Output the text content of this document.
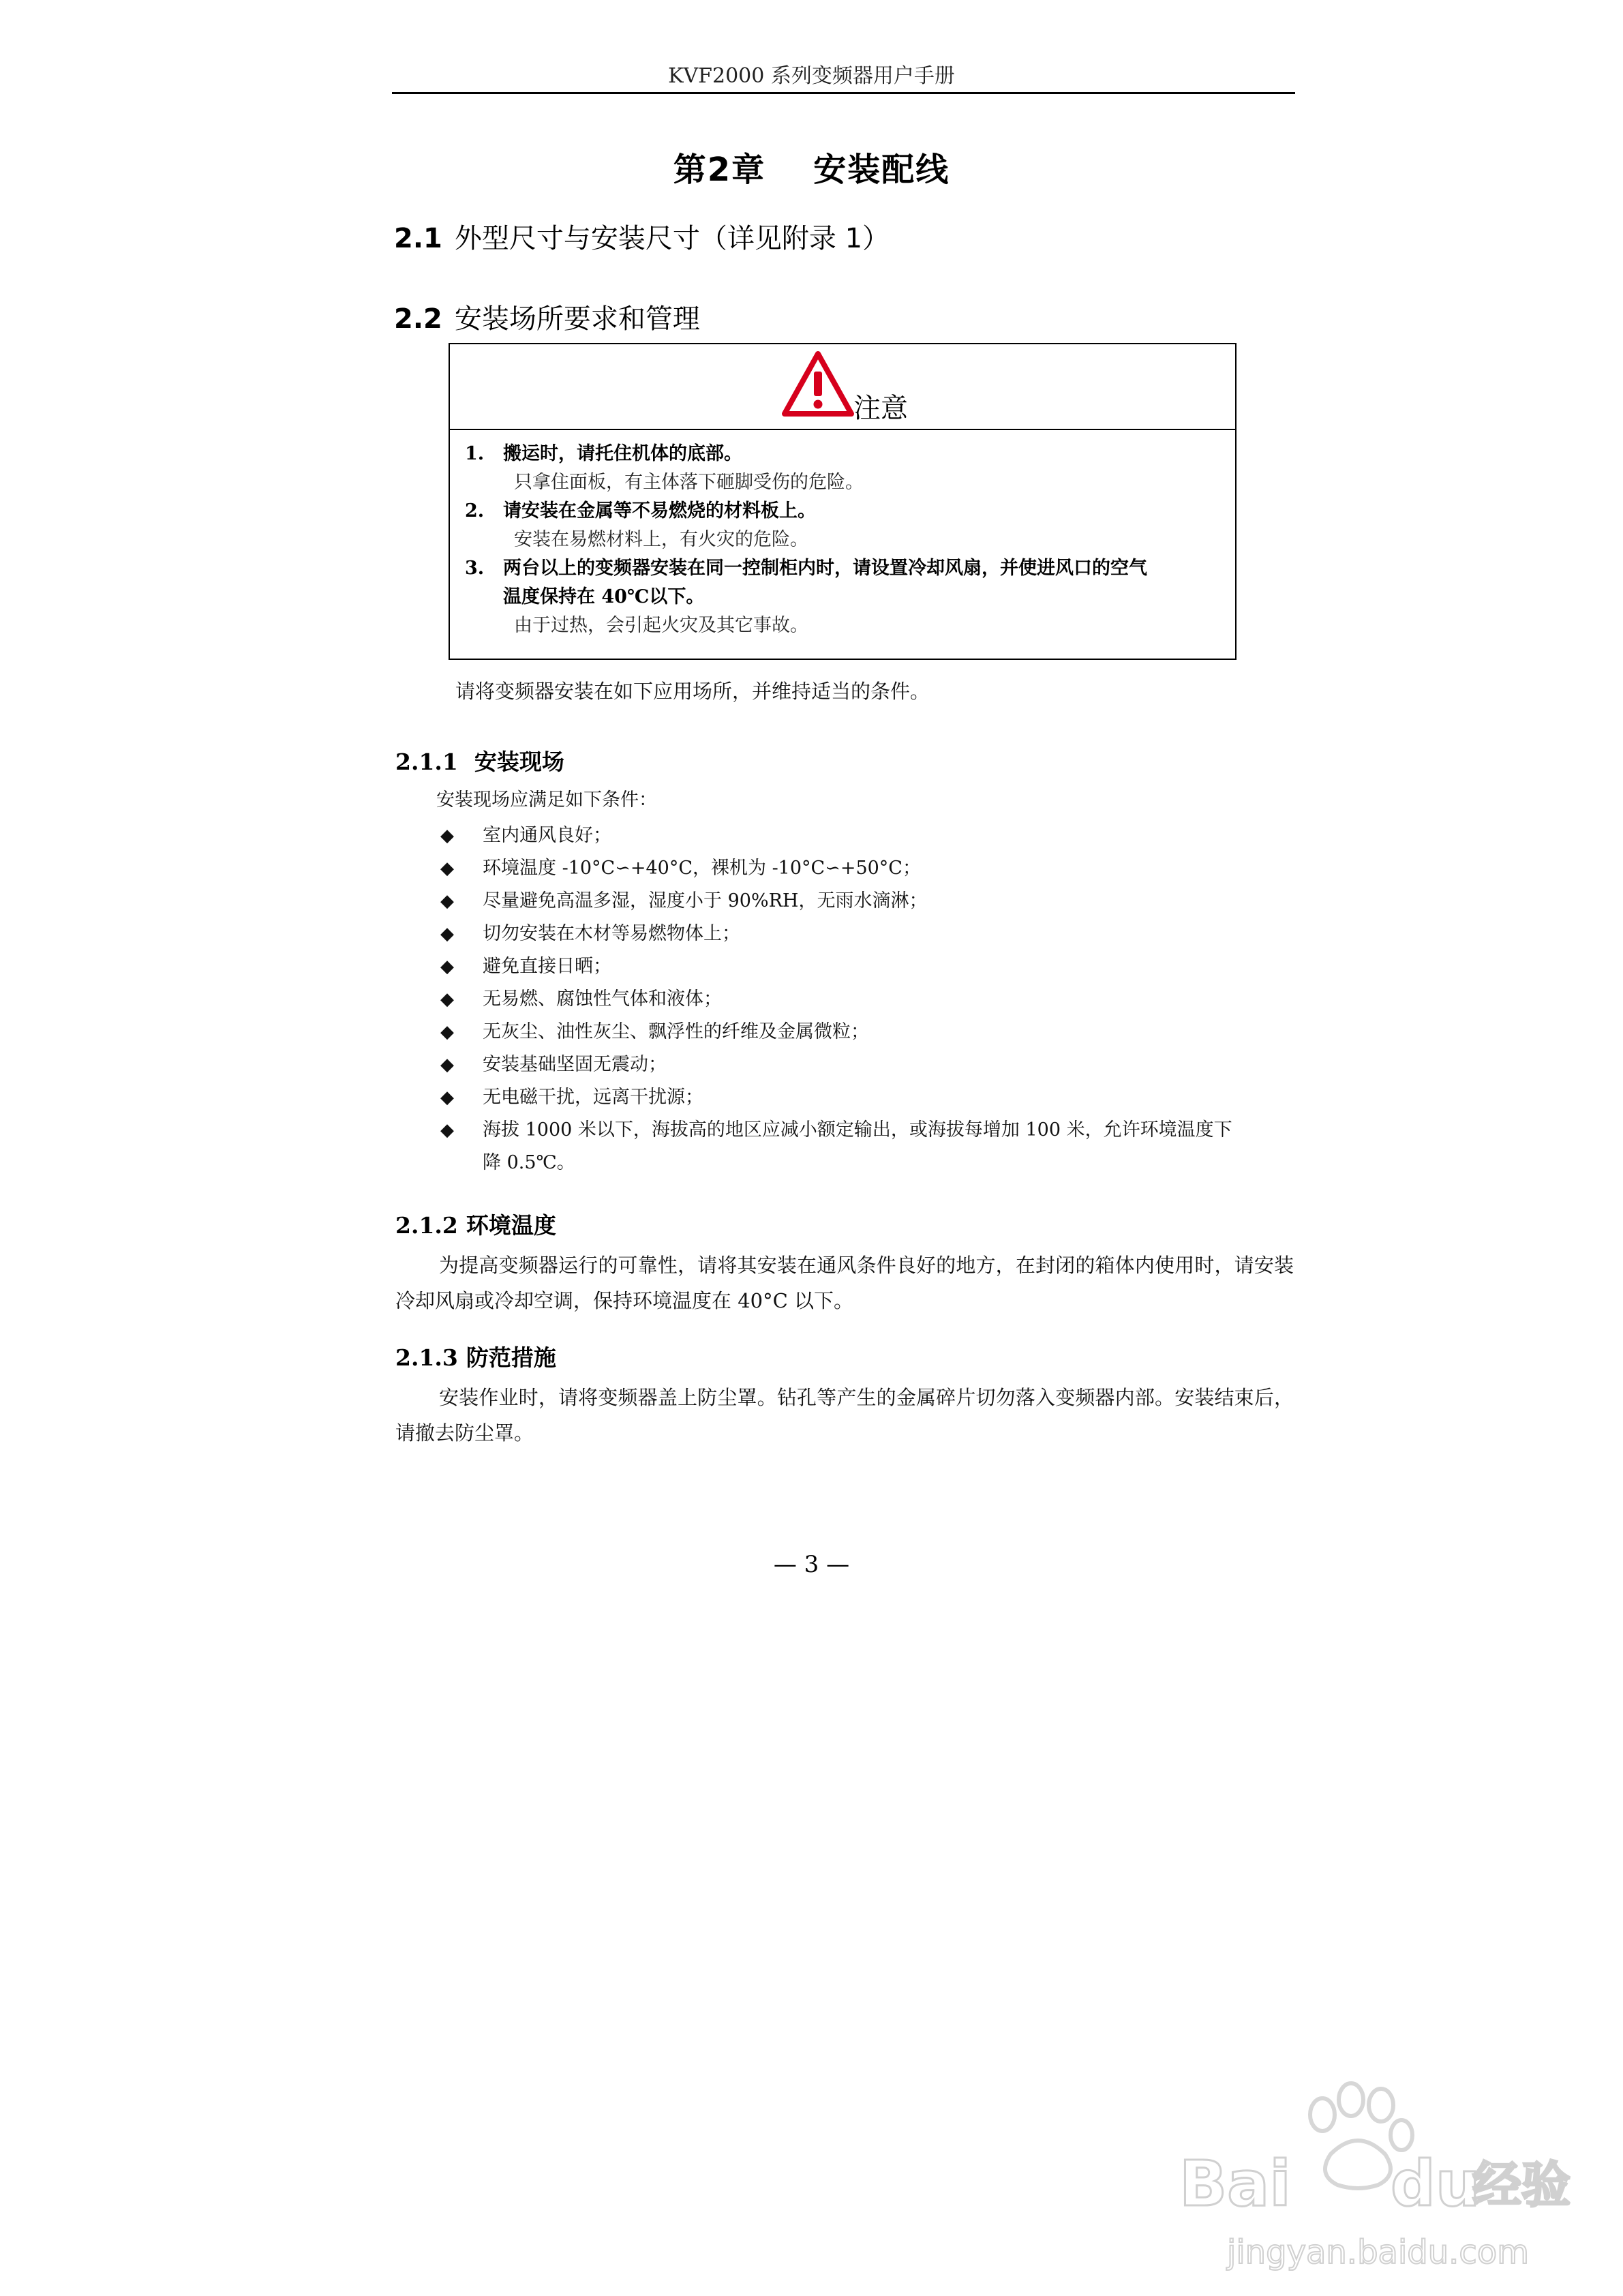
KVF2000 系列变频器用户手册
第2章 安装配线
2.1 外型尺寸与安装尺寸（详见附录 1）
2.2 安装场所要求和管理
注意
1. 搬运时，请托住机体的底部。
只拿住面板，有主体落下砸脚受伤的危险。
2. 请安装在金属等不易燃烧的材料板上。
安装在易燃材料上，有火灾的危险。
3. 两台以上的变频器安装在同一控制柜内时，请设置冷却风扇，并使进风口的空气
温度保持在 40℃以下。
由于过热，会引起火灾及其它事故。
请将变频器安装在如下应用场所，并维持适当的条件。
2.1.1 安装现场
安装现场应满足如下条件：
◆ 室内通风良好；
◆ 环境温度 -10°C∽+40°C，裸机为 -10°C∽+50°C；
◆ 尽量避免高温多湿，湿度小于 90%RH，无雨水滴淋；
◆ 切勿安装在木材等易燃物体上；
◆ 避免直接日晒；
◆ 无易燃、腐蚀性气体和液体；
◆ 无灰尘、油性灰尘、飘浮性的纤维及金属微粒；
◆ 安装基础坚固无震动；
◆ 无电磁干扰，远离干扰源；
◆ 海拔 1000 米以下，海拔高的地区应减小额定输出，或海拔每增加 100 米，允许环境温度下
降 0.5℃。
2.1.2 环境温度
为提高变频器运行的可靠性，请将其安装在通风条件良好的地方，在封闭的箱体内使用时，请安装冷却风扇或冷却空调，保持环境温度在 40°C 以下。
2.1.3 防范措施
安装作业时，请将变频器盖上防尘罩。钻孔等产生的金属碎片切勿落入变频器内部。安装结束后，请撤去防尘罩。
— 3 —
Bai du
经验
jingyan.baidu.com
